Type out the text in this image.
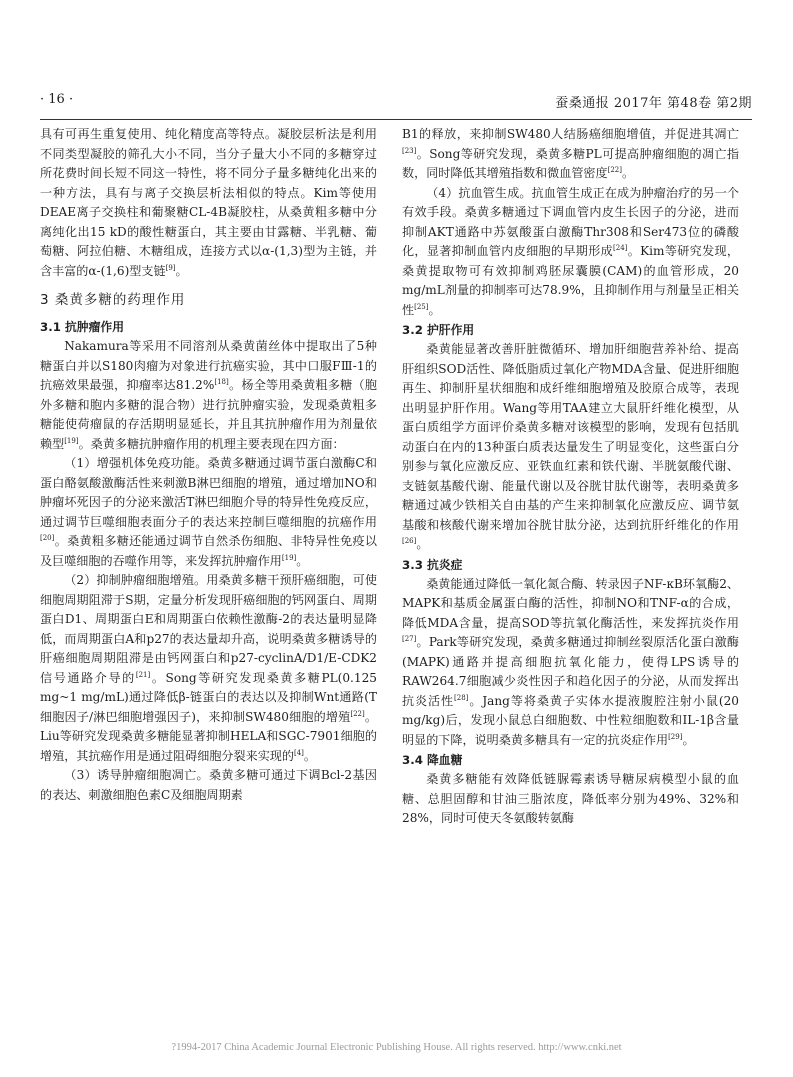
· 16 ·	蚕桑通报 2017年 第48卷 第2期

具有可再生重复使用、纯化精度高等特点。凝胶层析法是利用不同类型凝胶的筛孔大小不同，当分子量大小不同的多糖穿过所花费时间长短不同这一特性，将不同分子量多糖纯化出来的一种方法，具有与离子交换层析法相似的特点。Kim等使用DEAE离子交换柱和葡聚糖CL-4B凝胶柱，从桑黄粗多糖中分离纯化出15 kD的酸性糖蛋白，其主要由甘露糖、半乳糖、葡萄糖、阿拉伯糖、木糖组成，连接方式以α-(1,3)型为主链，并含丰富的α-(1,6)型支链[9]。

3 桑黄多糖的药理作用
3.1 抗肿瘤作用

Nakamura等采用不同溶剂从桑黄菌丝体中提取出了5种糖蛋白并以S180肉瘤为对象进行抗癌实验，其中口服FⅢ-1的抗癌效果最强，抑瘤率达81.2%[18]。杨全等用桑黄粗多糖（胞外多糖和胞内多糖的混合物）进行抗肿瘤实验，发现桑黄粗多糖能使荷瘤鼠的存活期明显延长，并且其抗肿瘤作用为剂量依赖型[19]。桑黄多糖抗肿瘤作用的机理主要表现在四方面：

（1）增强机体免疫功能。桑黄多糖通过调节蛋白激酶C和蛋白酪氨酸激酶活性来刺激B淋巴细胞的增殖，通过增加NO和肿瘤坏死因子的分泌来激活T淋巴细胞介导的特异性免疫反应，通过调节巨噬细胞表面分子的表达来控制巨噬细胞的抗癌作用[20]。桑黄粗多糖还能通过调节自然杀伤细胞、非特异性免疫以及巨噬细胞的吞噬作用等，来发挥抗肿瘤作用[19]。

（2）抑制肿瘤细胞增殖。用桑黄多糖干预肝癌细胞，可使细胞周期阻滞于S期，定量分析发现肝癌细胞的钙网蛋白、周期蛋白D1、周期蛋白E和周期蛋白依赖性激酶-2的表达量明显降低，而周期蛋白A和p27的表达量却升高，说明桑黄多糖诱导的肝癌细胞周期阻滞是由钙网蛋白和p27-cyclinA/D1/E-CDK2信号通路介导的[21]。Song等研究发现桑黄多糖PL(0.125 mg~1 mg/mL)通过降低β-链蛋白的表达以及抑制Wnt通路(T细胞因子/淋巴细胞增强因子)，来抑制SW480细胞的增殖[22]。Liu等研究发现桑黄多糖能显著抑制HELA和SGC-7901细胞的增殖，其抗癌作用是通过阻碍细胞分裂来实现的[4]。

（3）诱导肿瘤细胞凋亡。桑黄多糖可通过下调Bcl-2基因的表达、刺激细胞色素C及细胞周期素

B1的释放，来抑制SW480人结肠癌细胞增值，并促进其凋亡[23]。Song等研究发现，桑黄多糖PL可提高肿瘤细胞的凋亡指数，同时降低其增殖指数和微血管密度[22]。

（4）抗血管生成。抗血管生成正在成为肿瘤治疗的另一个有效手段。桑黄多糖通过下调血管内皮生长因子的分泌，进而抑制AKT通路中苏氨酸蛋白激酶Thr308和Ser473位的磷酸化，显著抑制血管内皮细胞的早期形成[24]。Kim等研究发现，桑黄提取物可有效抑制鸡胚尿囊膜(CAM)的血管形成，20 mg/mL剂量的抑制率可达78.9%，且抑制作用与剂量呈正相关性[25]。

3.2 护肝作用

桑黄能显著改善肝脏微循环、增加肝细胞营养补给、提高肝组织SOD活性、降低脂质过氧化产物MDA含量、促进肝细胞再生、抑制肝星状细胞和成纤维细胞增殖及胶原合成等，表现出明显护肝作用。Wang等用TAA建立大鼠肝纤维化模型，从蛋白质组学方面评价桑黄多糖对该模型的影响，发现有包括肌动蛋白在内的13种蛋白质表达量发生了明显变化，这些蛋白分别参与氧化应激反应、亚铁血红素和铁代谢、半胱氨酸代谢、支链氨基酸代谢、能量代谢以及谷胱甘肽代谢等，表明桑黄多糖通过减少铁相关自由基的产生来抑制氧化应激反应、调节氨基酸和核酸代谢来增加谷胱甘肽分泌，达到抗肝纤维化的作用[26]。

3.3 抗炎症

桑黄能通过降低一氧化氮合酶、转录因子NF-κB环氧酶2、MAPK和基质金属蛋白酶的活性，抑制NO和TNF-α的合成，降低MDA含量，提高SOD等抗氧化酶活性，来发挥抗炎作用[27]。Park等研究发现，桑黄多糖通过抑制丝裂原活化蛋白激酶(MAPK)通路并提高细胞抗氧化能力，使得LPS诱导的RAW264.7细胞减少炎性因子和趋化因子的分泌，从而发挥出抗炎活性[28]。Jang等将桑黄子实体水提液腹腔注射小鼠(20 mg/kg)后，发现小鼠总白细胞数、中性粒细胞数和IL-1β含量明显的下降，说明桑黄多糖具有一定的抗炎症作用[29]。

3.4 降血糖

桑黄多糖能有效降低链脲霉素诱导糖尿病模型小鼠的血糖、总胆固醇和甘油三脂浓度，降低率分别为49%、32%和28%，同时可使天冬氨酸转氨酶

?1994-2017 China Academic Journal Electronic Publishing House. All rights reserved. http://www.cnki.net
